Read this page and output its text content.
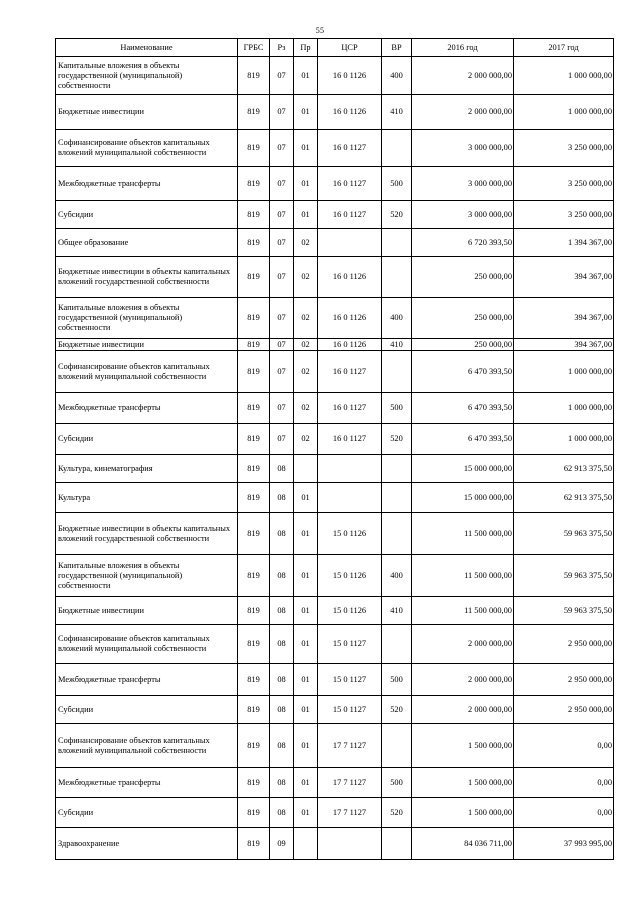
55
Наименование	ГРБС	Рз	Пр	ЦСР	ВР	2016 год	2017 год
Капитальные вложения в объекты государственной (муниципальной) собственности	819	07	01	16 0 1126	400	2 000 000,00	1 000 000,00
Бюджетные инвестиции	819	07	01	16 0 1126	410	2 000 000,00	1 000 000,00
Софинансирование объектов капитальных вложений муниципальной собственности	819	07	01	16 0 1127		3 000 000,00	3 250 000,00
Межбюджетные трансферты	819	07	01	16 0 1127	500	3 000 000,00	3 250 000,00
Субсидии	819	07	01	16 0 1127	520	3 000 000,00	3 250 000,00
Общее образование	819	07	02			6 720 393,50	1 394 367,00
Бюджетные инвестиции в объекты капитальных вложений государственной собственности	819	07	02	16 0 1126		250 000,00	394 367,00
Капитальные вложения в объекты государственной (муниципальной) собственности	819	07	02	16 0 1126	400	250 000,00	394 367,00
Бюджетные инвестиции	819	07	02	16 0 1126	410	250 000,00	394 367,00
Софинансирование объектов капитальных вложений муниципальной собственности	819	07	02	16 0 1127		6 470 393,50	1 000 000,00
Межбюджетные трансферты	819	07	02	16 0 1127	500	6 470 393,50	1 000 000,00
Субсидии	819	07	02	16 0 1127	520	6 470 393,50	1 000 000,00
Культура, кинематография	819	08				15 000 000,00	62 913 375,50
Культура	819	08	01			15 000 000,00	62 913 375,50
Бюджетные инвестиции в объекты капитальных вложений государственной собственности	819	08	01	15 0 1126		11 500 000,00	59 963 375,50
Капитальные вложения в объекты государственной (муниципальной) собственности	819	08	01	15 0 1126	400	11 500 000,00	59 963 375,50
Бюджетные инвестиции	819	08	01	15 0 1126	410	11 500 000,00	59 963 375,50
Софинансирование объектов капитальных вложений муниципальной собственности	819	08	01	15 0 1127		2 000 000,00	2 950 000,00
Межбюджетные трансферты	819	08	01	15 0 1127	500	2 000 000,00	2 950 000,00
Субсидии	819	08	01	15 0 1127	520	2 000 000,00	2 950 000,00
Софинансирование объектов капитальных вложений муниципальной собственности	819	08	01	17 7 1127		1 500 000,00	0,00
Межбюджетные трансферты	819	08	01	17 7 1127	500	1 500 000,00	0,00
Субсидии	819	08	01	17 7 1127	520	1 500 000,00	0,00
Здравоохранение	819	09				84 036 711,00	37 993 995,00
